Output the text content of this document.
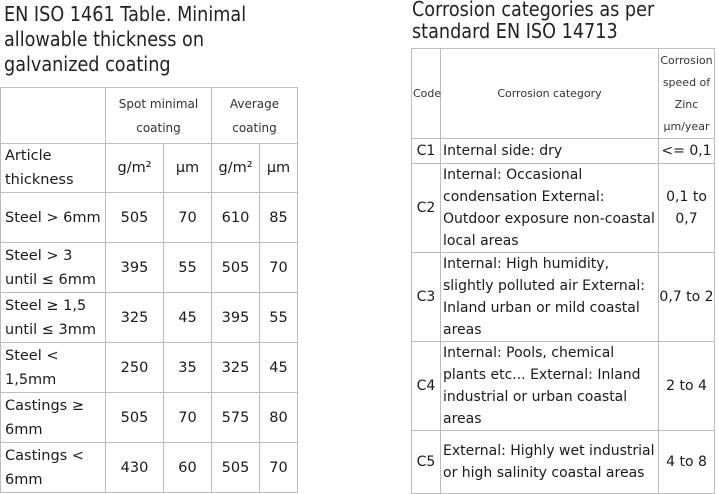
EN ISO 1461 Table. Minimal
allowable thickness on
galvanized coating
	Spot minimal coating		Average coating	
Article thickness	g/m²	μm	g/m²	μm
Steel > 6mm	505	70	610	85
Steel > 3 until ≤ 6mm	395	55	505	70
Steel ≥ 1,5 until ≤ 3mm	325	45	395	55
Steel < 1,5mm	250	35	325	45
Castings ≥ 6mm	505	70	575	80
Castings < 6mm	430	60	505	70
Corrosion categories as per
standard EN ISO 14713
Code	Corrosion category	Corrosion speed of Zinc μm/year
C1	Internal side: dry	<= 0,1
C2	Internal: Occasional condensation External: Outdoor exposure non-coastal local areas	0,1 to 0,7
C3	Internal: High humidity, slightly polluted air External: Inland urban or mild coastal areas	0,7 to 2
C4	Internal: Pools, chemical plants etc... External: Inland industrial or urban coastal areas	2 to 4
C5	External: Highly wet industrial or high salinity coastal areas	4 to 8
